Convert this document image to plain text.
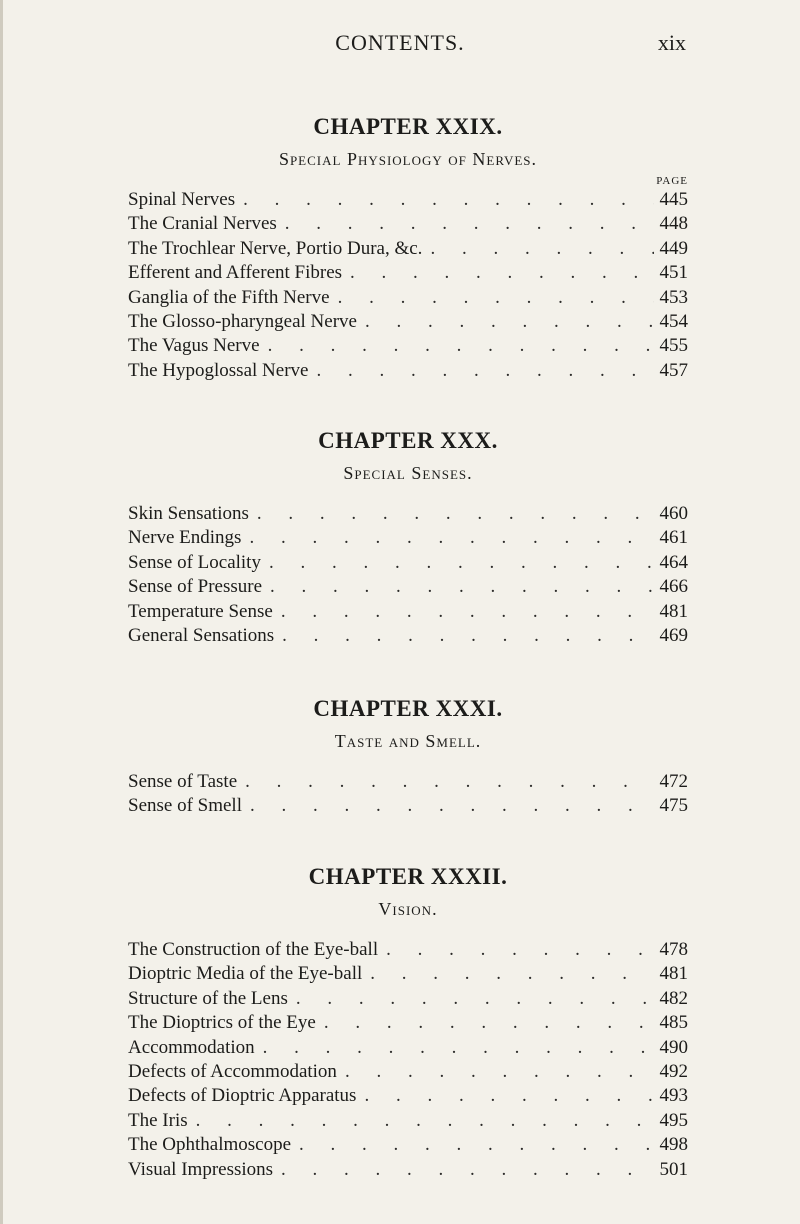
CONTENTS.	xix
CHAPTER XXIX.
Special Physiology of Nerves.
PAGE
Spinal Nerves . . .	445
The Cranial Nerves . . .	448
The Trochlear Nerve, Portio Dura, &c. . . .	449
Efferent and Afferent Fibres . . .	451
Ganglia of the Fifth Nerve . . .	453
The Glosso-pharyngeal Nerve . . .	454
The Vagus Nerve . . .	455
The Hypoglossal Nerve . . .	457
CHAPTER XXX.
Special Senses.
Skin Sensations . . .	460
Nerve Endings . . .	461
Sense of Locality . . .	464
Sense of Pressure . . .	466
Temperature Sense . . .	481
General Sensations . . .	469
CHAPTER XXXI.
Taste and Smell.
Sense of Taste . . .	472
Sense of Smell . . .	475
CHAPTER XXXII.
Vision.
The Construction of the Eye-ball . . .	478
Dioptric Media of the Eye-ball . . .	481
Structure of the Lens . . .	482
The Dioptrics of the Eye . . .	485
Accommodation . . .	490
Defects of Accommodation . . .	492
Defects of Dioptric Apparatus . . .	493
The Iris . . .	495
The Ophthalmoscope . . .	498
Visual Impressions . . .	501
